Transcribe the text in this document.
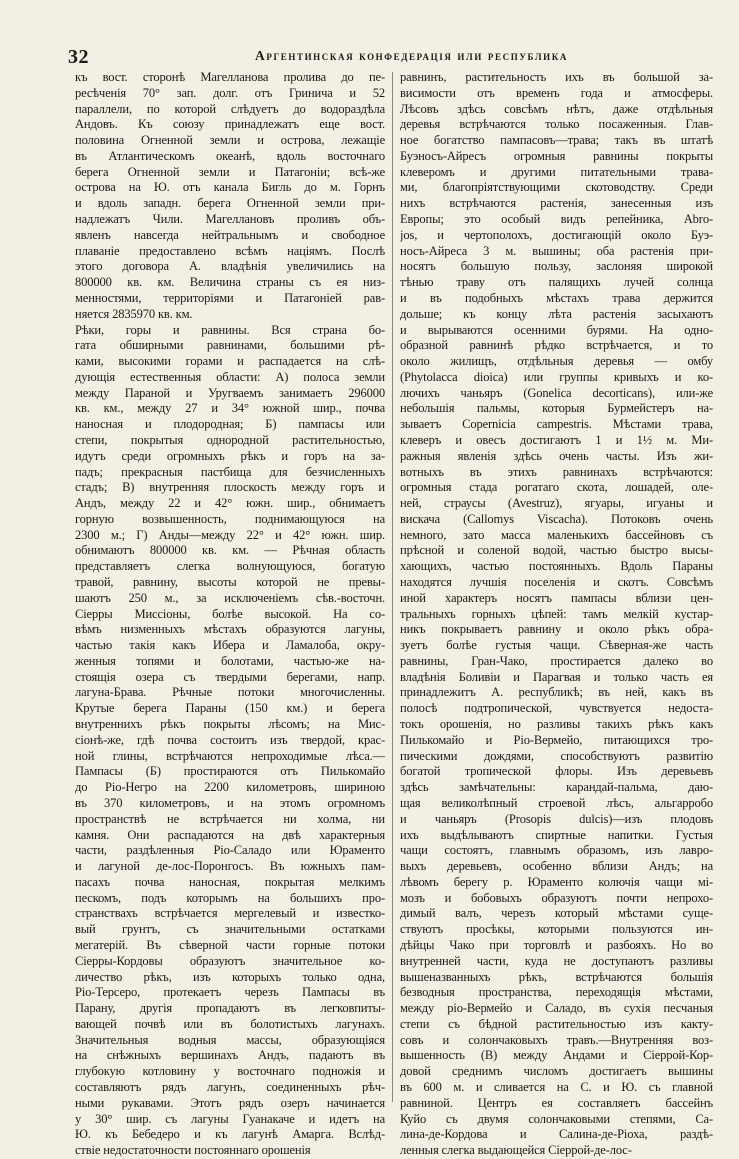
32	Аргентинская конфедерація или республика
къ вост. сторонѣ Магелланова пролива до пе-
ресѣченія 70° зап. долг. отъ Гринича и 52
параллели, по которой слѣдуетъ до водораздѣла
Андовъ. Къ союзу принадлежатъ еще вост.
половина Огненной земли и острова, лежащіе
въ Атлантическомъ океанѣ, вдоль восточнаго
берега Огненной земли и Патагоніи; всѣ-же
острова на Ю. отъ канала Бигль до м. Горнъ
и вдоль западн. берега Огненной земли при-
надлежатъ Чили. Магеллановъ проливъ объ-
явленъ навсегда нейтральнымъ и свободное
плаваніе предоставлено всѣмъ націямъ. Послѣ
этого договора А. владѣнія увеличились на
800000 кв. км. Величина страны съ ея низ-
менностями, территоріями и Патагоніей рав-
няется 2835970 кв. км.
Рѣки, горы и равнины. Вся страна бо-
гата обширными равнинами, большими рѣ-
ками, высокими горами и распадается на слѣ-
дующія естественныя области: А) полоса земли
между Параной и Уругваемъ занимаетъ 296000
кв. км., между 27 и 34° южной шир., почва
наносная и плодородная; Б) пампасы или
степи, покрытыя однородной растительностью,
идутъ среди огромныхъ рѣкъ и горъ на за-
падъ; прекрасныя пастбища для безчисленныхъ
стадъ; В) внутренняя плоскость между горъ и
Андъ, между 22 и 42° южн. шир., обнимаетъ
горную возвышенность, поднимающуюся на
2300 м.; Г) Анды—между 22° и 42° южн. шир.
обнимаютъ 800000 кв. км. — Рѣчная область
представляетъ слегка волнующуюся, богатую
травой, равнину, высоты которой не превы-
шаютъ 250 м., за исключеніемъ сѣв.-восточн.
Сіерры Миссіоны, болѣе высокой. На со-
вѣмъ низменныхъ мѣстахъ образуются лагуны,
частью такія какъ Ибера и Ламалоба, окру-
женныя топями и болотами, частью-же на-
стоящія озера съ твердыми берегами, напр.
лагуна-Брава. Рѣчные потоки многочисленны.
Крутые берега Параны (150 км.) и берега
внутреннихъ рѣкъ покрыты лѣсомъ; на Мис-
сіонѣ-же, гдѣ почва состоитъ изъ твердой, крас-
ной глины, встрѣчаются непроходимые лѣса.—
Пампасы (Б) простираются отъ Пилькомайо
до Ріо-Негро на 2200 километровъ, шириною
въ 370 километровъ, и на этомъ огромномъ
пространствѣ не встрѣчается ни холма, ни
камня. Они распадаются на двѣ характерныя
части, раздѣленныя Ріо-Саладо или Юраменто
и лагуной де-лос-Поронгосъ. Въ южныхъ пам-
пасахъ почва наносная, покрытая мелкимъ
пескомъ, подъ которымъ на большихъ про-
странствахъ встрѣчается мергелевый и известко-
вый грунтъ, съ значительными остатками
мегатерій. Въ сѣверной части горные потоки
Сіерры-Кордовы образуютъ значительное ко-
личество рѣкъ, изъ которыхъ только одна,
Ріо-Терсеро, протекаетъ черезъ Пампасы въ
Парану, другія пропадаютъ въ легковпиты-
вающей почвѣ или въ болотистыхъ лагунахъ.
Значительныя водныя массы, образующіяся
на снѣжныхъ вершинахъ Андъ, падаютъ въ
глубокую котловину у восточнаго подножія и
составляютъ рядъ лагунъ, соединенныхъ рѣч-
ными рукавами. Этотъ рядъ озеръ начинается
у 30° шир. съ лагуны Гуанакаче и идетъ на
Ю. къ Бебедеро и къ лагунѣ Амарга. Вслѣд-
ствіе недостаточности постояннаго орошенія
равнинъ, растительность ихъ въ большой за-
висимости отъ временъ года и атмосферы.
Лѣсовъ здѣсь совсѣмъ нѣтъ, даже отдѣльныя
деревья встрѣчаются только посаженныя. Глав-
ное богатство пампасовъ—трава; такъ въ штатѣ
Буэносъ-Айресъ огромныя равнины покрыты
клеверомъ и другими питательными трава-
ми, благопріятствующими скотоводству. Среди
нихъ встрѣчаются растенія, занесенныя изъ
Европы; это особый видъ репейника, Abro-
jos, и чертополохъ, достигающій около Буэ-
носъ-Айреса 3 м. вышины; оба растенія при-
носятъ большую пользу, заслоняя широкой
тѣнью траву отъ палящихъ лучей солнца
и въ подобныхъ мѣстахъ трава держится
дольше; къ концу лѣта растенія засыхаютъ
и вырываются осенними бурями. На одно-
образной равнинѣ рѣдко встрѣчается, и то
около жилищъ, отдѣльныя деревья — омбу
(Phytolacca dioica) или группы кривыхъ и ко-
лючихъ чаньяръ (Gonelica decorticans), или-же
небольшія пальмы, которыя Бурмейстеръ на-
зываетъ Copernicia campestris. Мѣстами трава,
клеверъ и овесъ достигаютъ 1 и 1½ м. Ми-
ражныя явленія здѣсь очень часты. Изъ жи-
вотныхъ въ этихъ равнинахъ встрѣчаются:
огромныя стада рогатаго скота, лошадей, оле-
ней, страусы (Avestruz), ягуары, игуаны и
вискача (Callomys Viscacha). Потоковъ очень
немного, зато масса маленькихъ бассейновъ съ
прѣсной и соленой водой, частью быстро высы-
хающихъ, частью постоянныхъ. Вдоль Параны
находятся лучшія поселенія и скотъ. Совсѣмъ
иной характеръ носятъ пампасы вблизи цен-
тральныхъ горныхъ цѣпей: тамъ мелкій кустар-
никъ покрываетъ равнину и около рѣкъ обра-
зуетъ болѣе густыя чащи. Сѣверная-же часть
равнины, Гран-Чако, простирается далеко во
владѣнія Боливіи и Парагвая и только часть ея
принадлежитъ А. республикѣ; въ ней, какъ въ
полосѣ подтропической, чувствуется недоста-
токъ орошенія, но разливы такихъ рѣкъ какъ
Пилькомайо и Ріо-Вермейо, питающихся тро-
пическими дождями, способствуютъ развитію
богатой тропической флоры. Изъ деревьевъ
здѣсь замѣчательны: карандай-пальма, даю-
щая великолѣпный строевой лѣсъ, альгарробо
и чаньяръ (Prosopis dulcis)—изъ плодовъ
ихъ выдѣлываютъ спиртные напитки. Густыя
чащи состоятъ, главнымъ образомъ, изъ лавро-
выхъ деревьевъ, особенно вблизи Андъ; на
лѣвомъ берегу р. Юраменто колючія чащи мі-
мозъ и бобовыхъ образуютъ почти непрохо-
димый валъ, черезъ который мѣстами суще-
ствуютъ просѣкы, которыми пользуются ин-
дѣйцы Чако при торговлѣ и разбояхъ. Но во
внутренней части, куда не доступаютъ разливы
вышеназванныхъ рѣкъ, встрѣчаются большія
безводныя пространства, переходящія мѣстами,
между ріо-Вермейо и Саладо, въ сухія песчаныя
степи съ бѣдной растительностью изъ какту-
совъ и солончаковыхъ травъ.—Внутренняя воз-
вышенность (В) между Андами и Сіеррой-Кор-
довой среднимъ числомъ достигаетъ вышины
въ 600 м. и сливается на С. и Ю. съ главной
равниной. Центръ ея составляетъ бассейнъ
Куйо съ двумя солончаковыми степями, Са-
лина-де-Кордова и Салина-де-Ріоха, раздѣ-
ленныя слегка выдающейся Сіеррой-де-лос-
